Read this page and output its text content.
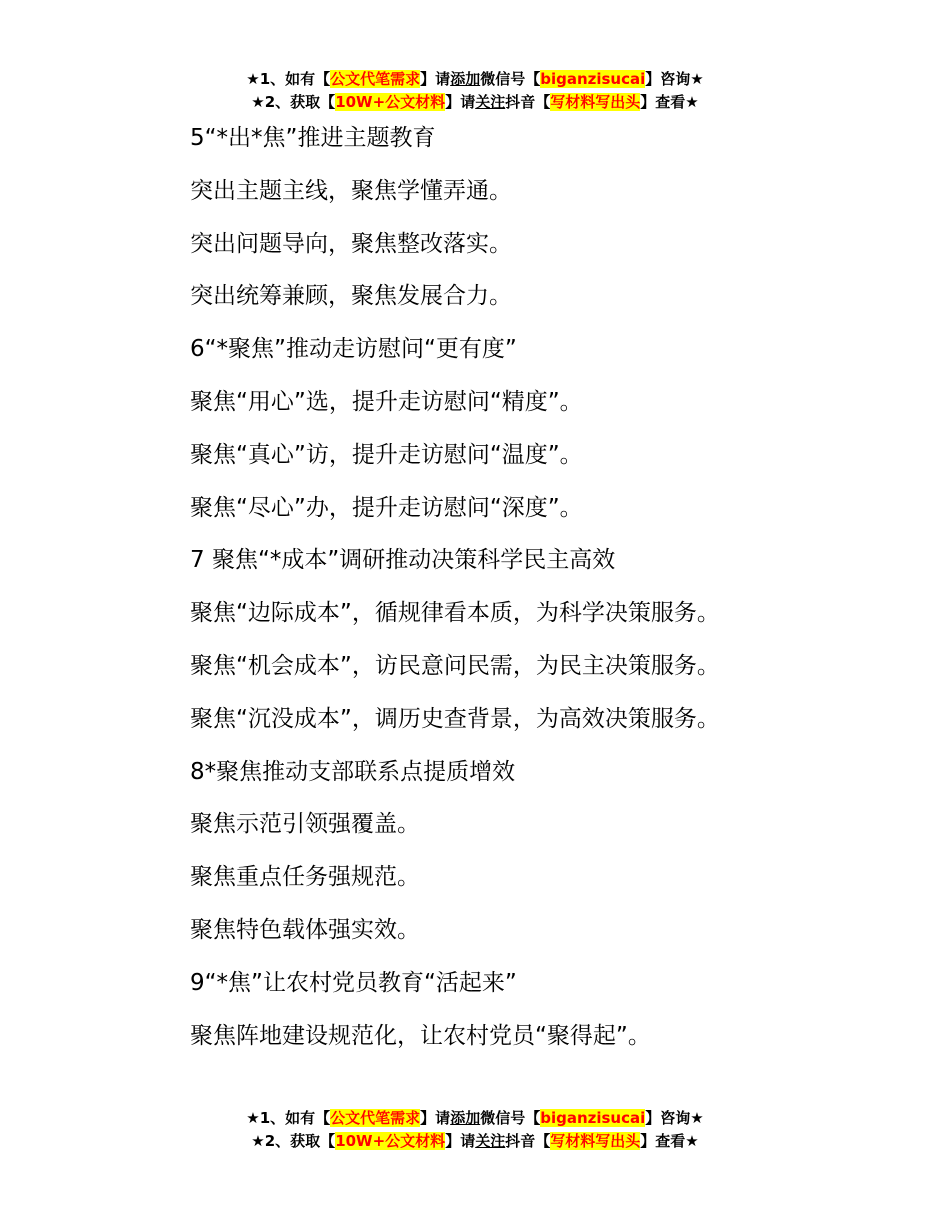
★1、如有【公文代笔需求】请添加微信号【biganzisucai】咨询★
★2、获取【10W+公文材料】请关注抖音【写材料写出头】查看★
5“*出*焦”推进主题教育
突出主题主线，聚焦学懂弄通。
突出问题导向，聚焦整改落实。
突出统筹兼顾，聚焦发展合力。
6“*聚焦”推动走访慰问“更有度”
聚焦“用心”选，提升走访慰问“精度”。
聚焦“真心”访，提升走访慰问“温度”。
聚焦“尽心”办，提升走访慰问“深度”。
7 聚焦“*成本”调研推动决策科学民主高效
聚焦“边际成本”，循规律看本质，为科学决策服务。
聚焦“机会成本”，访民意问民需，为民主决策服务。
聚焦“沉没成本”，调历史查背景，为高效决策服务。
8*聚焦推动支部联系点提质增效
聚焦示范引领强覆盖。
聚焦重点任务强规范。
聚焦特色载体强实效。
9“*焦”让农村党员教育“活起来”
聚焦阵地建设规范化，让农村党员“聚得起”。
★1、如有【公文代笔需求】请添加微信号【biganzisucai】咨询★
★2、获取【10W+公文材料】请关注抖音【写材料写出头】查看★
